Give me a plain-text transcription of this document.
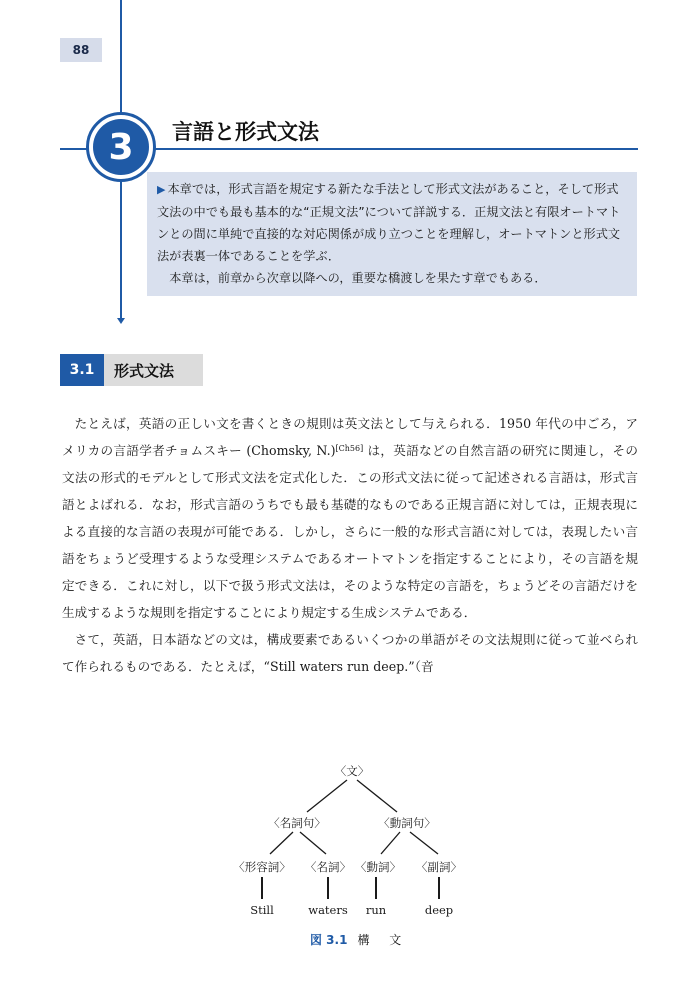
88
3	言語と形式文法

▶ 本章では，形式言語を規定する新たな手法として形式文法があること，そして形式文法の中でも最も基本的な“正規文法”について詳説する．正規文法と有限オートマトンとの間に単純で直接的な対応関係が成り立つことを理解し，オートマトンと形式文法が表裏一体であることを学ぶ．

本章は，前章から次章以降への，重要な橋渡しを果たす章でもある．

3.1	形式文法

たとえば，英語の正しい文を書くときの規則は英文法として与えられる．1950 年代の中ごろ，アメリカの言語学者チョムスキー (Chomsky, N.)[Ch56] は，英語などの自然言語の研究に関連し，その文法の形式的モデルとして形式文法を定式化した．この形式文法に従って記述される言語は，形式言語とよばれる．なお，形式言語のうちでも最も基礎的なものである正規言語に対しては，正規表現による直接的な言語の表現が可能である．しかし，さらに一般的な形式言語に対しては，表現したい言語をちょうど受理するような受理システムであるオートマトンを指定することにより，その言語を規定できる．これに対し，以下で扱う形式文法は，そのような特定の言語を，ちょうどその言語だけを生成するような規則を指定することにより規定する生成システムである．

さて，英語，日本語などの文は，構成要素であるいくつかの単語がその文法規則に従って並べられて作られるものである．たとえば，“Still waters run deep.”（音

〈文〉
〈名詞句〉	〈動詞句〉
〈形容詞〉 〈名詞〉 〈動詞〉 〈副詞〉
Still	waters run	deep
図 3.1 構 文
